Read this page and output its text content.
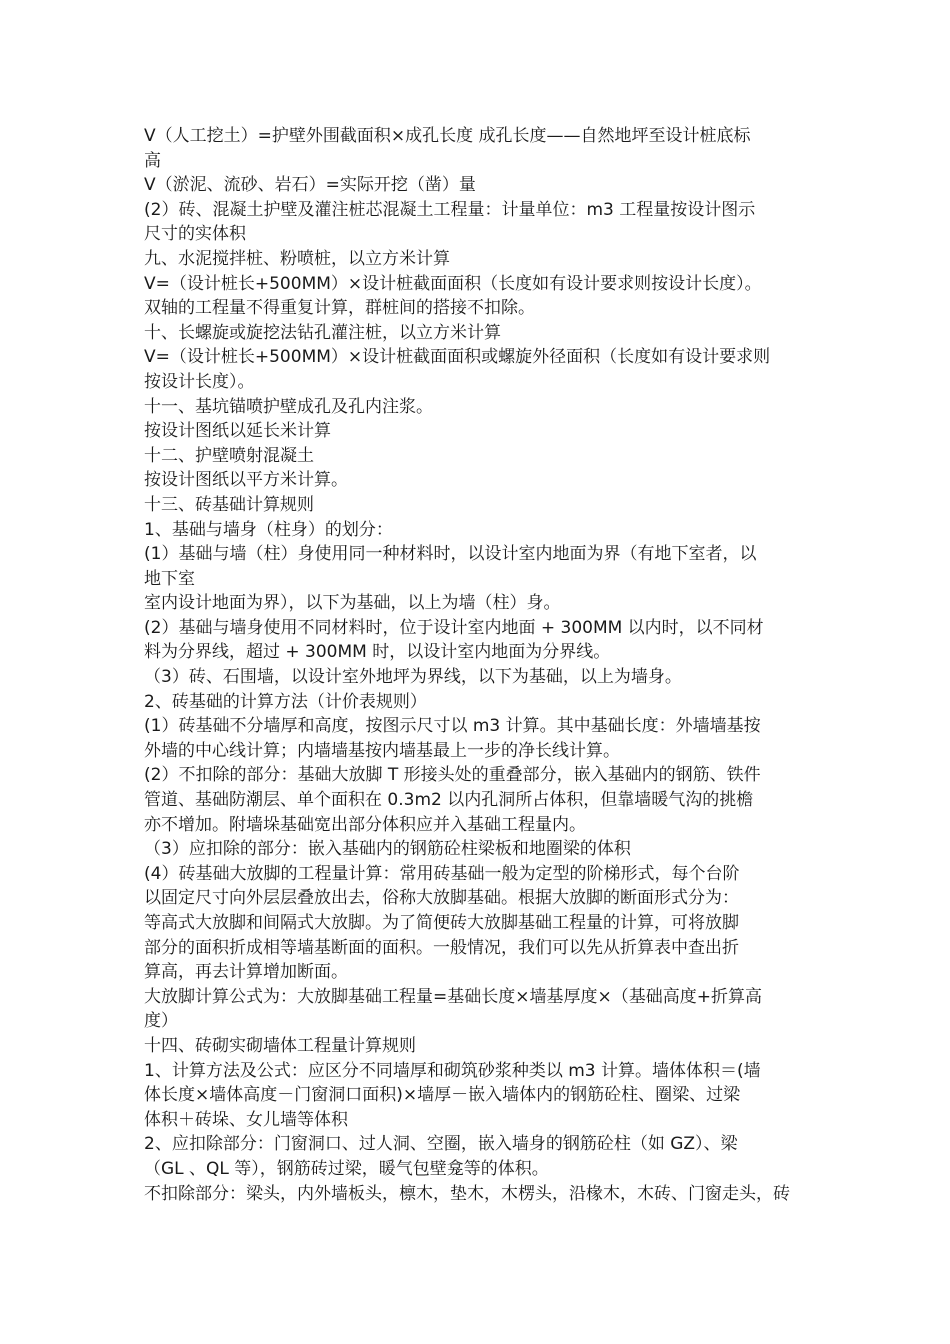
V（人工挖土）=护壁外围截面积×成孔长度 成孔长度——自然地坪至设计桩底标
高
V（淤泥、流砂、岩石）=实际开挖（凿）量
(2）砖、混凝土护壁及灌注桩芯混凝土工程量：计量单位：m3 工程量按设计图示
尺寸的实体积
九、水泥搅拌桩、粉喷桩，以立方米计算
V=（设计桩长+500MM）×设计桩截面面积（长度如有设计要求则按设计长度）。
双轴的工程量不得重复计算，群桩间的搭接不扣除。
十、长螺旋或旋挖法钻孔灌注桩，以立方米计算
V=（设计桩长+500MM）×设计桩截面面积或螺旋外径面积（长度如有设计要求则
按设计长度）。
十一、基坑锚喷护壁成孔及孔内注浆。
按设计图纸以延长米计算
十二、护壁喷射混凝土
按设计图纸以平方米计算。
十三、砖基础计算规则
1、基础与墙身（柱身）的划分：
(1）基础与墙（柱）身使用同一种材料时，以设计室内地面为界（有地下室者，以
地下室
室内设计地面为界），以下为基础，以上为墙（柱）身。
(2）基础与墙身使用不同材料时，位于设计室内地面 + 300MM 以内时，以不同材
料为分界线，超过 + 300MM 时，以设计室内地面为分界线。
（3）砖、石围墙，以设计室外地坪为界线，以下为基础，以上为墙身。
2、砖基础的计算方法（计价表规则）
(1）砖基础不分墙厚和高度，按图示尺寸以 m3 计算。其中基础长度：外墙墙基按
外墙的中心线计算；内墙墙基按内墙基最上一步的净长线计算。
(2）不扣除的部分：基础大放脚 T 形接头处的重叠部分，嵌入基础内的钢筋、铁件
管道、基础防潮层、单个面积在 0.3m2 以内孔洞所占体积，但靠墙暖气沟的挑檐
亦不增加。附墙垛基础宽出部分体积应并入基础工程量内。
（3）应扣除的部分：嵌入基础内的钢筋砼柱梁板和地圈梁的体积
(4）砖基础大放脚的工程量计算：常用砖基础一般为定型的阶梯形式，每个台阶
以固定尺寸向外层层叠放出去，俗称大放脚基础。根据大放脚的断面形式分为：
等高式大放脚和间隔式大放脚。为了简便砖大放脚基础工程量的计算，可将放脚
部分的面积折成相等墙基断面的面积。一般情况，我们可以先从折算表中查出折
算高，再去计算增加断面。
大放脚计算公式为：大放脚基础工程量=基础长度×墙基厚度×（基础高度+折算高
度）
十四、砖砌实砌墙体工程量计算规则
1、计算方法及公式：应区分不同墙厚和砌筑砂浆种类以 m3 计算。墙体体积＝(墙
体长度×墙体高度－门窗洞口面积)×墙厚－嵌入墙体内的钢筋砼柱、圈梁、过梁
体积＋砖垛、女儿墙等体积
2、应扣除部分：门窗洞口、过人洞、空圈，嵌入墙身的钢筋砼柱（如 GZ）、梁
（GL 、QL 等），钢筋砖过梁，暖气包壁龛等的体积。
不扣除部分：梁头，内外墙板头，檩木，垫木，木楞头，沿椽木，木砖、门窗走头，砖
